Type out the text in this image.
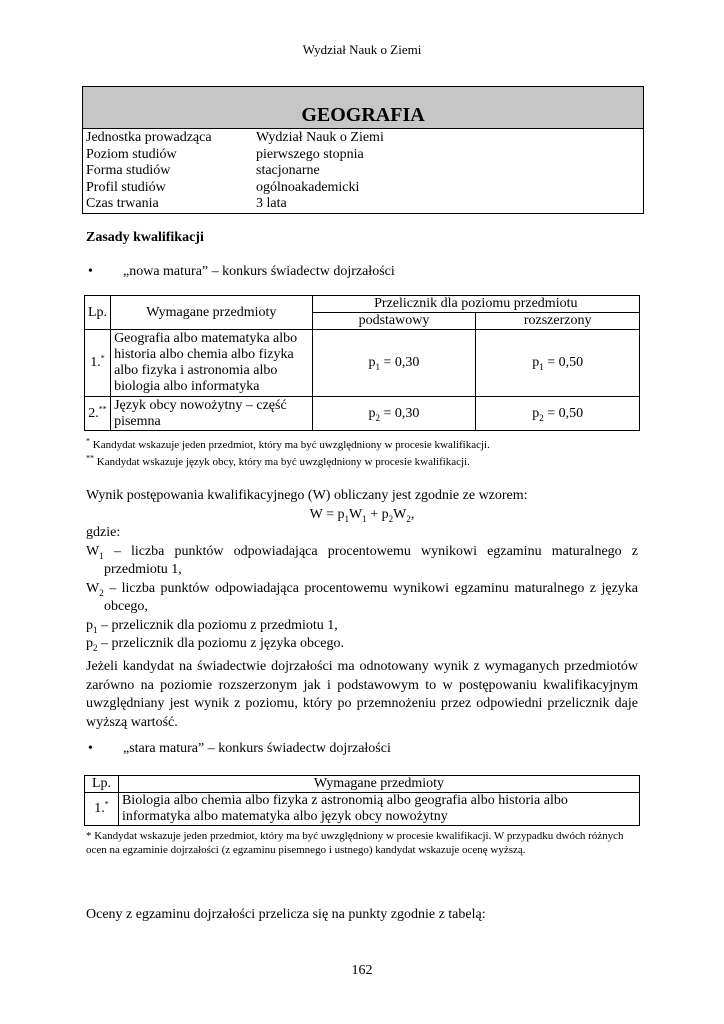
Wydział Nauk o Ziemi
GEOGRAFIA
Jednostka prowadząca	Wydział Nauk o Ziemi
Poziom studiów	pierwszego stopnia
Forma studiów	stacjonarne
Profil studiów	ogólnoakademicki
Czas trwania	3 lata
Zasady kwalifikacji
• „nowa matura” – konkurs świadectw dojrzałości
Lp.	Wymagane przedmioty	Przelicznik dla poziomu przedmiotu	
		podstawowy	rozszerzony
1.*	Geografia albo matematyka albo historia albo chemia albo fizyka albo fizyka i astronomia albo biologia albo informatyka	$p_1 = 0,30$	$p_1 = 0,50$
2.**	Język obcy nowożytny – część pisemna	$p_2 = 0,30$	$p_2 = 0,50$
* Kandydat wskazuje jeden przedmiot, który ma być uwzględniony w procesie kwalifikacji.
** Kandydat wskazuje język obcy, który ma być uwzględniony w procesie kwalifikacji.

Wynik postępowania kwalifikacyjnego (W) obliczany jest zgodnie ze wzorem:

$W = p_1W_1 + p_2W_2$,

gdzie:

$W_1$ – liczba punktów odpowiadająca procentowemu wynikowi egzaminu maturalnego z przedmiotu 1,

$W_2$ – liczba punktów odpowiadająca procentowemu wynikowi egzaminu maturalnego z języka obcego,

$p_1$ – przelicznik dla poziomu z przedmiotu 1,

$p_2$ – przelicznik dla poziomu z języka obcego.

Jeżeli kandydat na świadectwie dojrzałości ma odnotowany wynik z wymaganych przedmiotów zarówno na poziomie rozszerzonym jak i podstawowym to w postępowaniu kwalifikacyjnym uwzględniany jest wynik z poziomu, który po przemnożeniu przez odpowiedni przelicznik daje wyższą wartość.
• „stara matura” – konkurs świadectw dojrzałości
Lp.	Wymagane przedmioty
1.*	Biologia albo chemia albo fizyka z astronomią albo geografia albo historia albo informatyka albo matematyka albo język obcy nowożytny
* Kandydat wskazuje jeden przedmiot, który ma być uwzględniony w procesie kwalifikacji. W przypadku dwóch różnych ocen na egzaminie dojrzałości (z egzaminu pisemnego i ustnego) kandydat wskazuje ocenę wyższą.
Oceny z egzaminu dojrzałości przelicza się na punkty zgodnie z tabelą:
162
